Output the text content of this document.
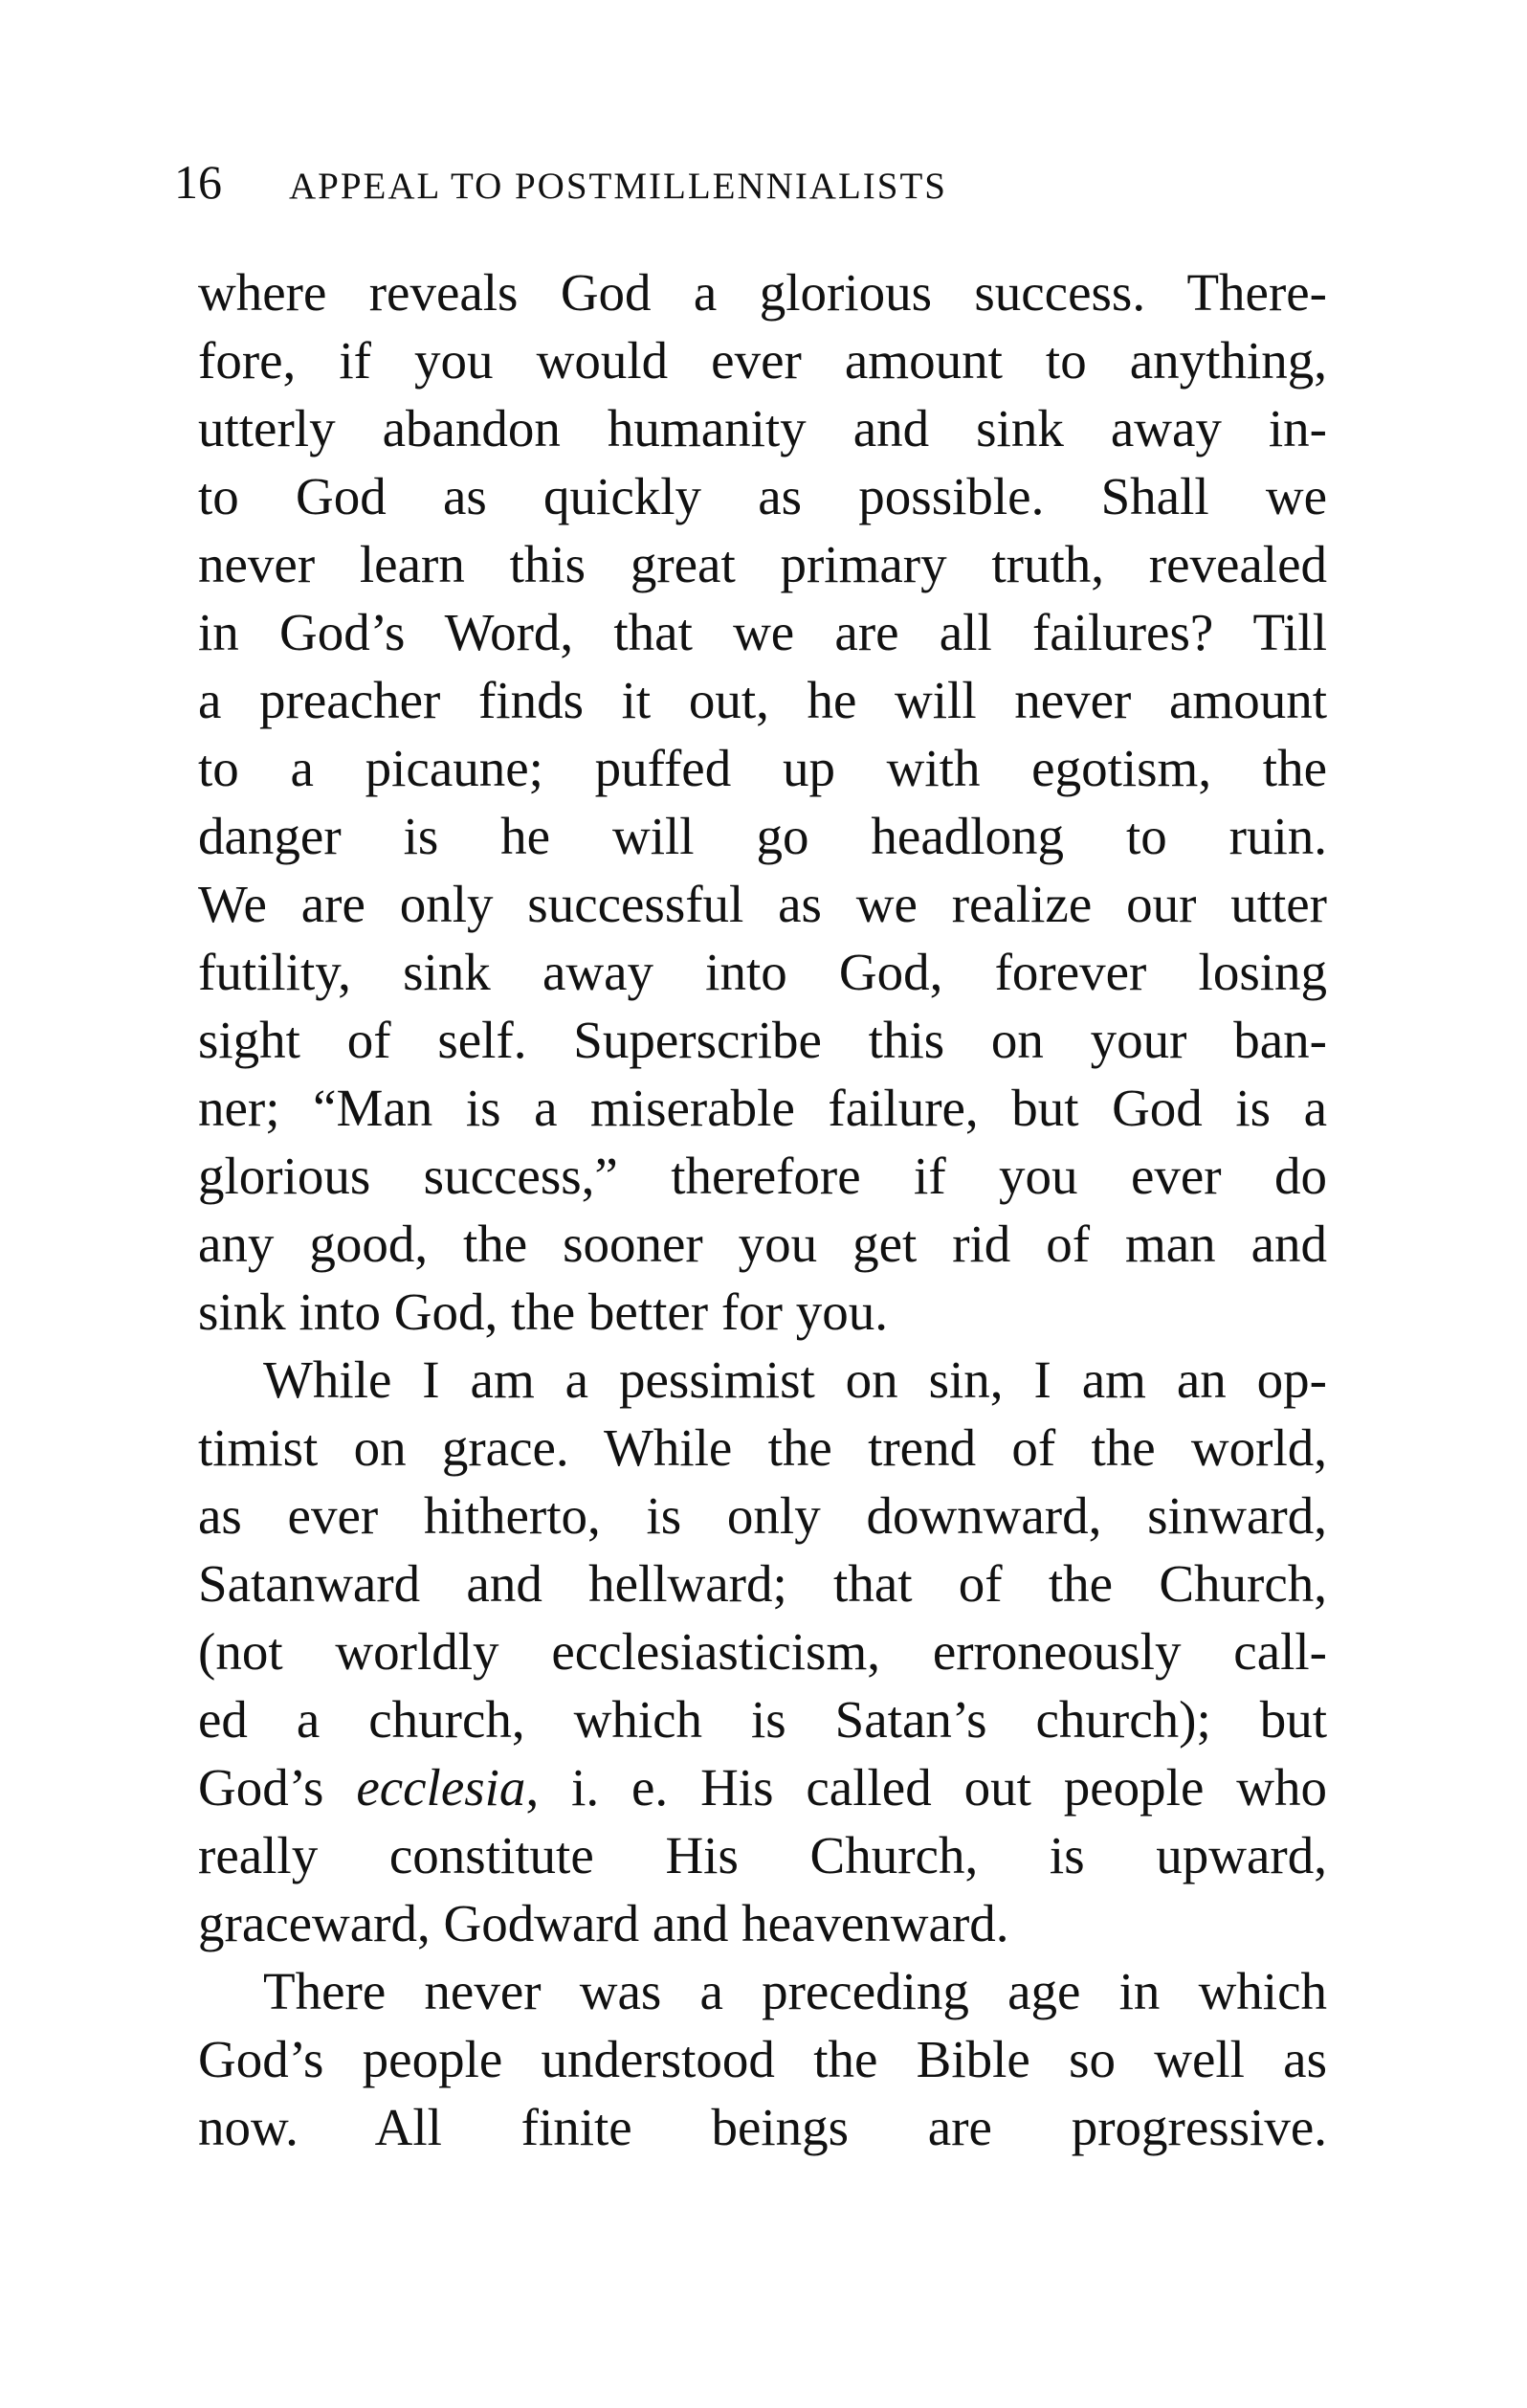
16 APPEAL TO POSTMILLENNIALISTS
where reveals God a glorious success. There-
fore, if you would ever amount to anything,
utterly abandon humanity and sink away in-
to God as quickly as possible. Shall we
never learn this great primary truth, revealed
in God’s Word, that we are all failures? Till
a preacher finds it out, he will never amount
to a picaune; puffed up with egotism, the
danger is he will go headlong to ruin.
We are only successful as we realize our utter
futility, sink away into God, forever losing
sight of self. Superscribe this on your ban-
ner; “Man is a miserable failure, but God is a
glorious success,” therefore if you ever do
any good, the sooner you get rid of man and
sink into God, the better for you.
While I am a pessimist on sin, I am an op-
timist on grace. While the trend of the world,
as ever hitherto, is only downward, sinward,
Satanward and hellward; that of the Church,
(not worldly ecclesiasticism, erroneously call-
ed a church, which is Satan’s church); but
God’s ecclesia, i. e. His called out people who
really constitute His Church, is upward,
graceward, Godward and heavenward.
There never was a preceding age in which
God’s people understood the Bible so well as
now. All finite beings are progressive.
